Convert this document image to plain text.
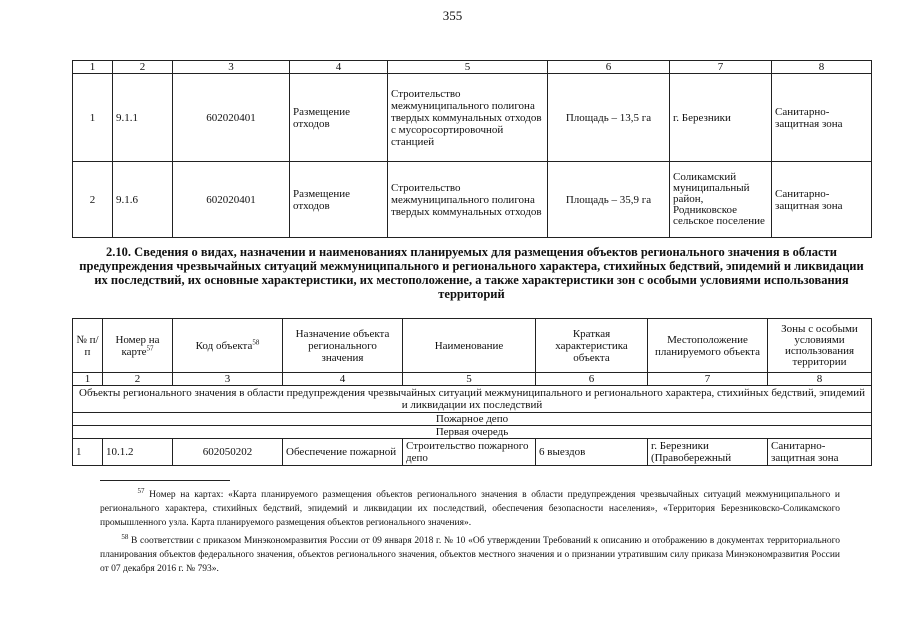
355
1	2	3	4	5	6	7	8
1	9.1.1	602020401	Размещение отходов	Строительство межмуниципального полигона твердых коммунальных отходов с мусоросортировочной станцией	Площадь – 13,5 га	г. Березники	Санитарно-защитная зона
2	9.1.6	602020401	Размещение отходов	Строительство межмуниципального полигона твердых коммунальных отходов	Площадь – 35,9 га	Соликамский муниципальный район, Родниковское сельское поселение	Санитарно-защитная зона
2.10. Сведения о видах, назначении и наименованиях планируемых для размещения объектов регионального значения в области предупреждения чрезвычайных ситуаций межмуниципального и регионального характера, стихийных бедствий, эпидемий и ликвидации их последствий, их основные характеристики, их местоположение, а также характеристики зон с особыми условиями использования территорий
№ п/п	Номер на карте$^{57}$	Код объекта$^{58}$	Назначение объекта регионального значения	Наименование	Краткая характеристика объекта	Местоположение планируемого объекта	Зоны с особыми условиями использования территории
1	2	3	4	5	6	7	8
Объекты регионального значения в области предупреждения чрезвычайных ситуаций межмуниципального и регионального характера, стихийных бедствий, эпидемий и ликвидации их последствий							
Пожарное депо							
Первая очередь							
1	10.1.2	602050202	Обеспечение пожарной	Строительство пожарного депо	6 выездов	г. Березники (Правобережный	Санитарно-защитная зона
$^{57}$ Номер на картах: «Карта планируемого размещения объектов регионального значения в области предупреждения чрезвычайных ситуаций межмуниципального и регионального характера, стихийных бедствий, эпидемий и ликвидации их последствий, обеспечения безопасности населения», «Территория Березниковско-Соликамского промышленного узла. Карта планируемого размещения объектов регионального значения».
$^{58}$ В соответствии с приказом Минэкономразвития России от 09 января 2018 г. № 10 «Об утверждении Требований к описанию и отображению в документах территориального планирования объектов федерального значения, объектов регионального значения, объектов местного значения и о признании утратившим силу приказа Минэкономразвития России от 07 декабря 2016 г. № 793».
